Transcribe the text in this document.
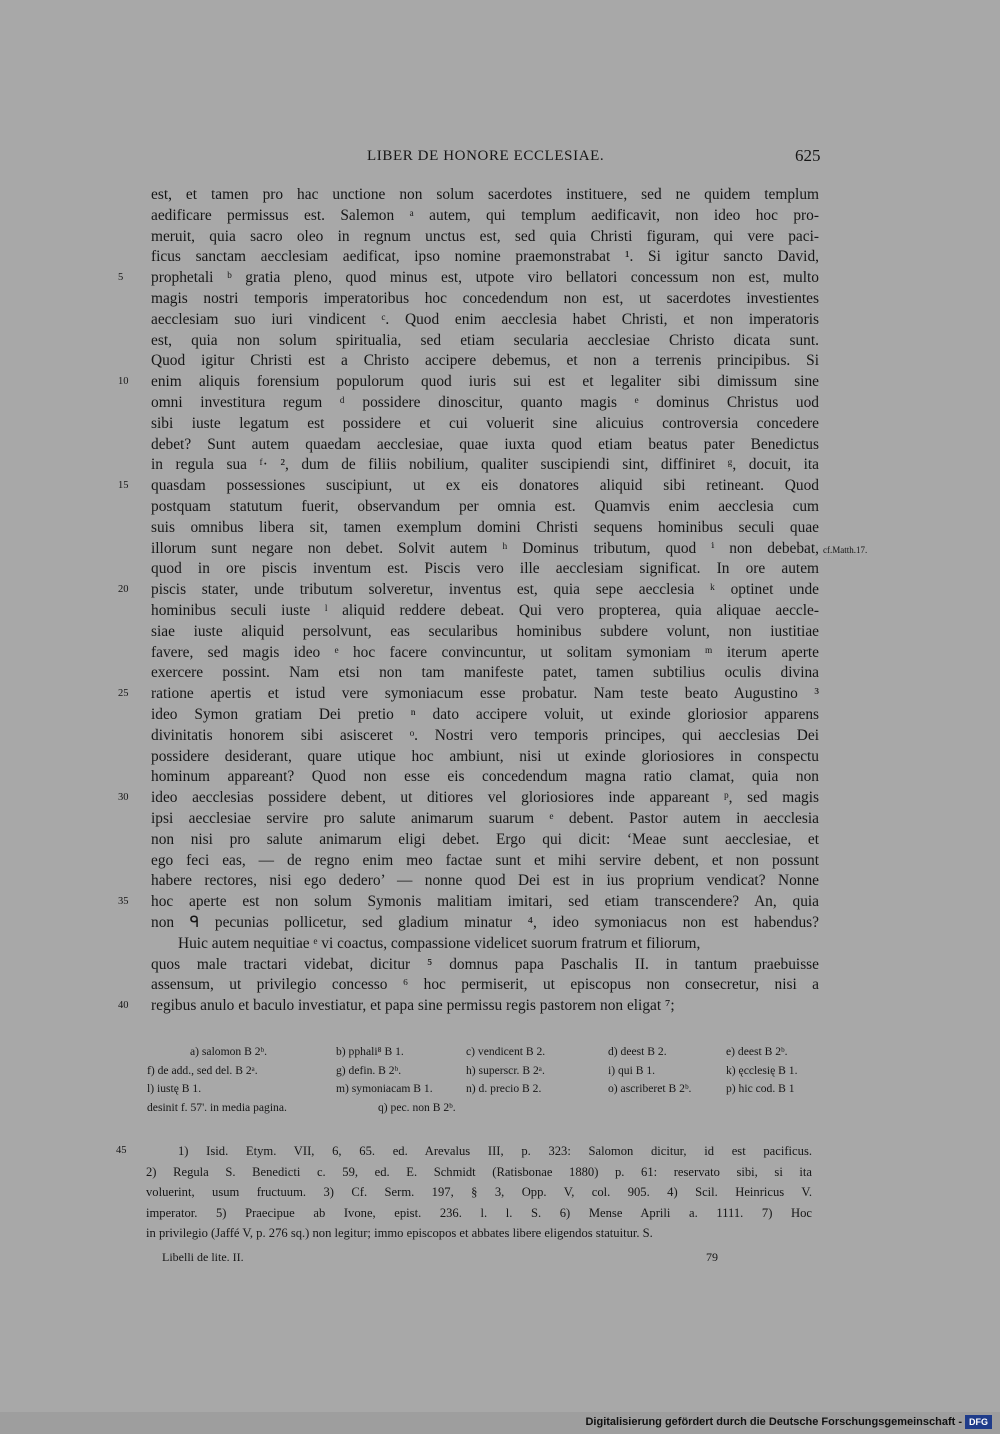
LIBER DE HONORE ECCLESIAE.	625
est, et tamen pro hac unctione non solum sacerdotes instituere, sed ne quidem templum
aedificare permissus est. Salemon ᵃ autem, qui templum aedificavit, non ideo hoc pro-
meruit, quia sacro oleo in regnum unctus est, sed quia Christi figuram, qui vere paci-
ficus sanctam aecclesiam aedificat, ipso nomine praemonstrabat ¹. Si igitur sancto David,
prophetali ᵇ gratia pleno, quod minus est, utpote viro bellatori concessum non est, multo
magis nostri temporis imperatoribus hoc concedendum non est, ut sacerdotes investientes
aecclesiam suo iuri vindicent ᶜ. Quod enim aecclesia habet Christi, et non imperatoris
est, quia non solum spiritualia, sed etiam secularia aecclesiae Christo dicata sunt.
Quod igitur Christi est a Christo accipere debemus, et non a terrenis principibus. Si
enim aliquis forensium populorum quod iuris sui est et legaliter sibi dimissum sine
omni investitura regum ᵈ possidere dinoscitur, quanto magis ᵉ dominus Christus uod
sibi iuste legatum est possidere et cui voluerit sine alicuius controversia concedere
debet? Sunt autem quaedam aecclesiae, quae iuxta quod etiam beatus pater Benedictus
in regula sua ᶠ· ², dum de filiis nobilium, qualiter suscipiendi sint, diffiniret ᵍ, docuit, ita
quasdam possessiones suscipiunt, ut ex eis donatores aliquid sibi retineant. Quod
postquam statutum fuerit, observandum per omnia est. Quamvis enim aecclesia cum
suis omnibus libera sit, tamen exemplum domini Christi sequens hominibus seculi quae
illorum sunt negare non debet. Solvit autem ʰ Dominus tributum, quod ⁱ non debebat,
quod in ore piscis inventum est. Piscis vero ille aecclesiam significat. In ore autem
piscis stater, unde tributum solveretur, inventus est, quia sepe aecclesia ᵏ optinet unde
hominibus seculi iuste ˡ aliquid reddere debeat. Qui vero propterea, quia aliquae aeccle-
siae iuste aliquid persolvunt, eas secularibus hominibus subdere volunt, non iustitiae
favere, sed magis ideo ᵉ hoc facere convincuntur, ut solitam symoniam ᵐ iterum aperte
exercere possint. Nam etsi non tam manifeste patet, tamen subtilius oculis divina
ratione apertis et istud vere symoniacum esse probatur. Nam teste beato Augustino ³
ideo Symon gratiam Dei pretio ⁿ dato accipere voluit, ut exinde gloriosior apparens
divinitatis honorem sibi asisceret ᵒ. Nostri vero temporis principes, qui aecclesias Dei
possidere desiderant, quare utique hoc ambiunt, nisi ut exinde gloriosiores in conspectu
hominum appareant? Quod non esse eis concedendum magna ratio clamat, quia non
ideo aecclesias possidere debent, ut ditiores vel gloriosiores inde appareant ᵖ, sed magis
ipsi aecclesiae servire pro salute animarum suarum ᵉ debent. Pastor autem in aecclesia
non nisi pro salute animarum eligi debet. Ergo qui dicit: ‘Meae sunt aecclesiae, et
ego feci eas, — de regno enim meo factae sunt et mihi servire debent, et non possunt
habere rectores, nisi ego dedero’ — nonne quod Dei est in ius proprium vendicat? Nonne
hoc aperte est non solum Symonis malitiam imitari, sed etiam transcendere? An, quia
non ᑫ pecunias pollicetur, sed gladium minatur ⁴, ideo symoniacus non est habendus?
Huic autem nequitiae ᵉ vi coactus, compassione videlicet suorum fratrum et filiorum,
quos male tractari videbat, dicitur ⁵ domnus papa Paschalis II. in tantum praebuisse
assensum, ut privilegio concesso ⁶ hoc permiserit, ut episcopus non consecretur, nisi a
regibus anulo et baculo investiatur, et papa sine permissu regis pastorem non eligat ⁷;
5
10
15
20
25
30
35
40
cf.Matth.17.
a) salomon B 2ᵇ.	b) pphali⁸ B 1.	c) vendicent B 2.	d) deest B 2.	e) deest B 2ᵇ.
f) de add., sed del. B 2ᵃ.	g) defin. B 2ᵇ.	h) superscr. B 2ᵃ.	i) qui B 1.	k) ęcclesię B 1.
l) iustę B 1.	m) symoniacam B 1.	n) d. precio B 2.	o) ascriberet B 2ᵇ.	p) hic cod. B 1
desinit f. 57'. in media pagina.	q) pec. non B 2ᵇ.
45	1) Isid. Etym. VII, 6, 65. ed. Arevalus III, p. 323: Salomon dicitur, id est pacificus.
2) Regula S. Benedicti c. 59, ed. E. Schmidt (Ratisbonae 1880) p. 61: reservato sibi, si ita
voluerint, usum fructuum. 3) Cf. Serm. 197, § 3, Opp. V, col. 905. 4) Scil. Heinricus V.
imperator. 5) Praecipue ab Ivone, epist. 236. l. l. S. 6) Mense Aprili a. 1111. 7) Hoc
in privilegio (Jaffé V, p. 276 sq.) non legitur; immo episcopos et abbates libere eligendos statuitur. S.
Libelli de lite. II.	79
Digitalisierung gefördert durch die Deutsche Forschungsgemeinschaft - DFG
